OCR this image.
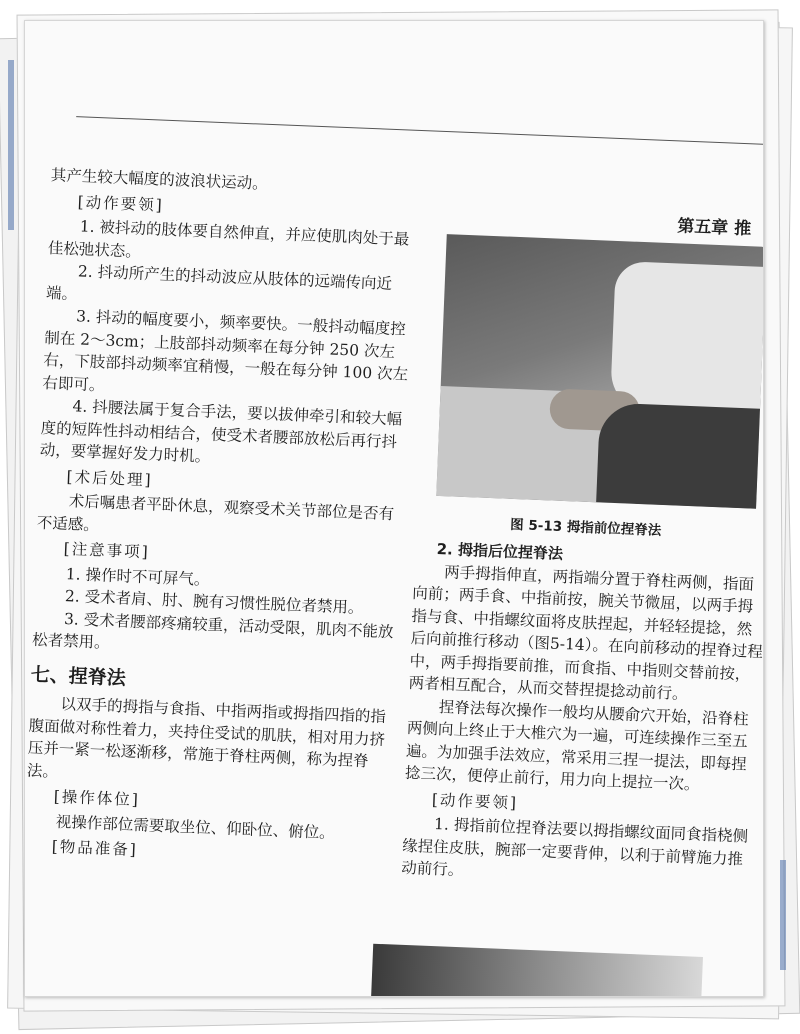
第五章 推

其产生较大幅度的波浪状运动。

[动作要领]

1. 被抖动的肢体要自然伸直，并应使肌肉处于最佳松弛状态。

2. 抖动所产生的抖动波应从肢体的远端传向近端。

3. 抖动的幅度要小，频率要快。一般抖动幅度控制在 2～3cm；上肢部抖动频率在每分钟 250 次左右，下肢部抖动频率宜稍慢，一般在每分钟 100 次左右即可。

4. 抖腰法属于复合手法，要以拔伸牵引和较大幅度的短阵性抖动相结合，使受术者腰部放松后再行抖动，要掌握好发力时机。

[术后处理]

术后嘱患者平卧休息，观察受术关节部位是否有不适感。

[注意事项]

1. 操作时不可屏气。

2. 受术者肩、肘、腕有习惯性脱位者禁用。

3. 受术者腰部疼痛较重，活动受限，肌肉不能放松者禁用。

七、捏脊法

以双手的拇指与食指、中指两指或拇指四指的指腹面做对称性着力，夹持住受试的肌肤，相对用力挤压并一紧一松逐渐移，常施于脊柱两侧，称为捏脊法。

[操作体位]

视操作部位需要取坐位、仰卧位、俯位。

[物品准备]

图 5-13 拇指前位捏脊法

2. 拇指后位捏脊法

两手拇指伸直，两指端分置于脊柱两侧，指面向前；两手食、中指前按，腕关节微屈，以两手拇指与食、中指螺纹面将皮肤捏起，并轻轻提捻，然后向前推行移动（图5-14）。在向前移动的捏脊过程中，两手拇指要前推，而食指、中指则交替前按，两者相互配合，从而交替捏提捻动前行。

捏脊法每次操作一般均从腰俞穴开始，沿脊柱两侧向上终止于大椎穴为一遍，可连续操作三至五遍。为加强手法效应，常采用三捏一提法，即每捏捻三次，便停止前行，用力向上提拉一次。

[动作要领]

1. 拇指前位捏脊法要以拇指螺纹面同食指桡侧缘捏住皮肤，腕部一定要背伸，以利于前臂施力推动前行。
